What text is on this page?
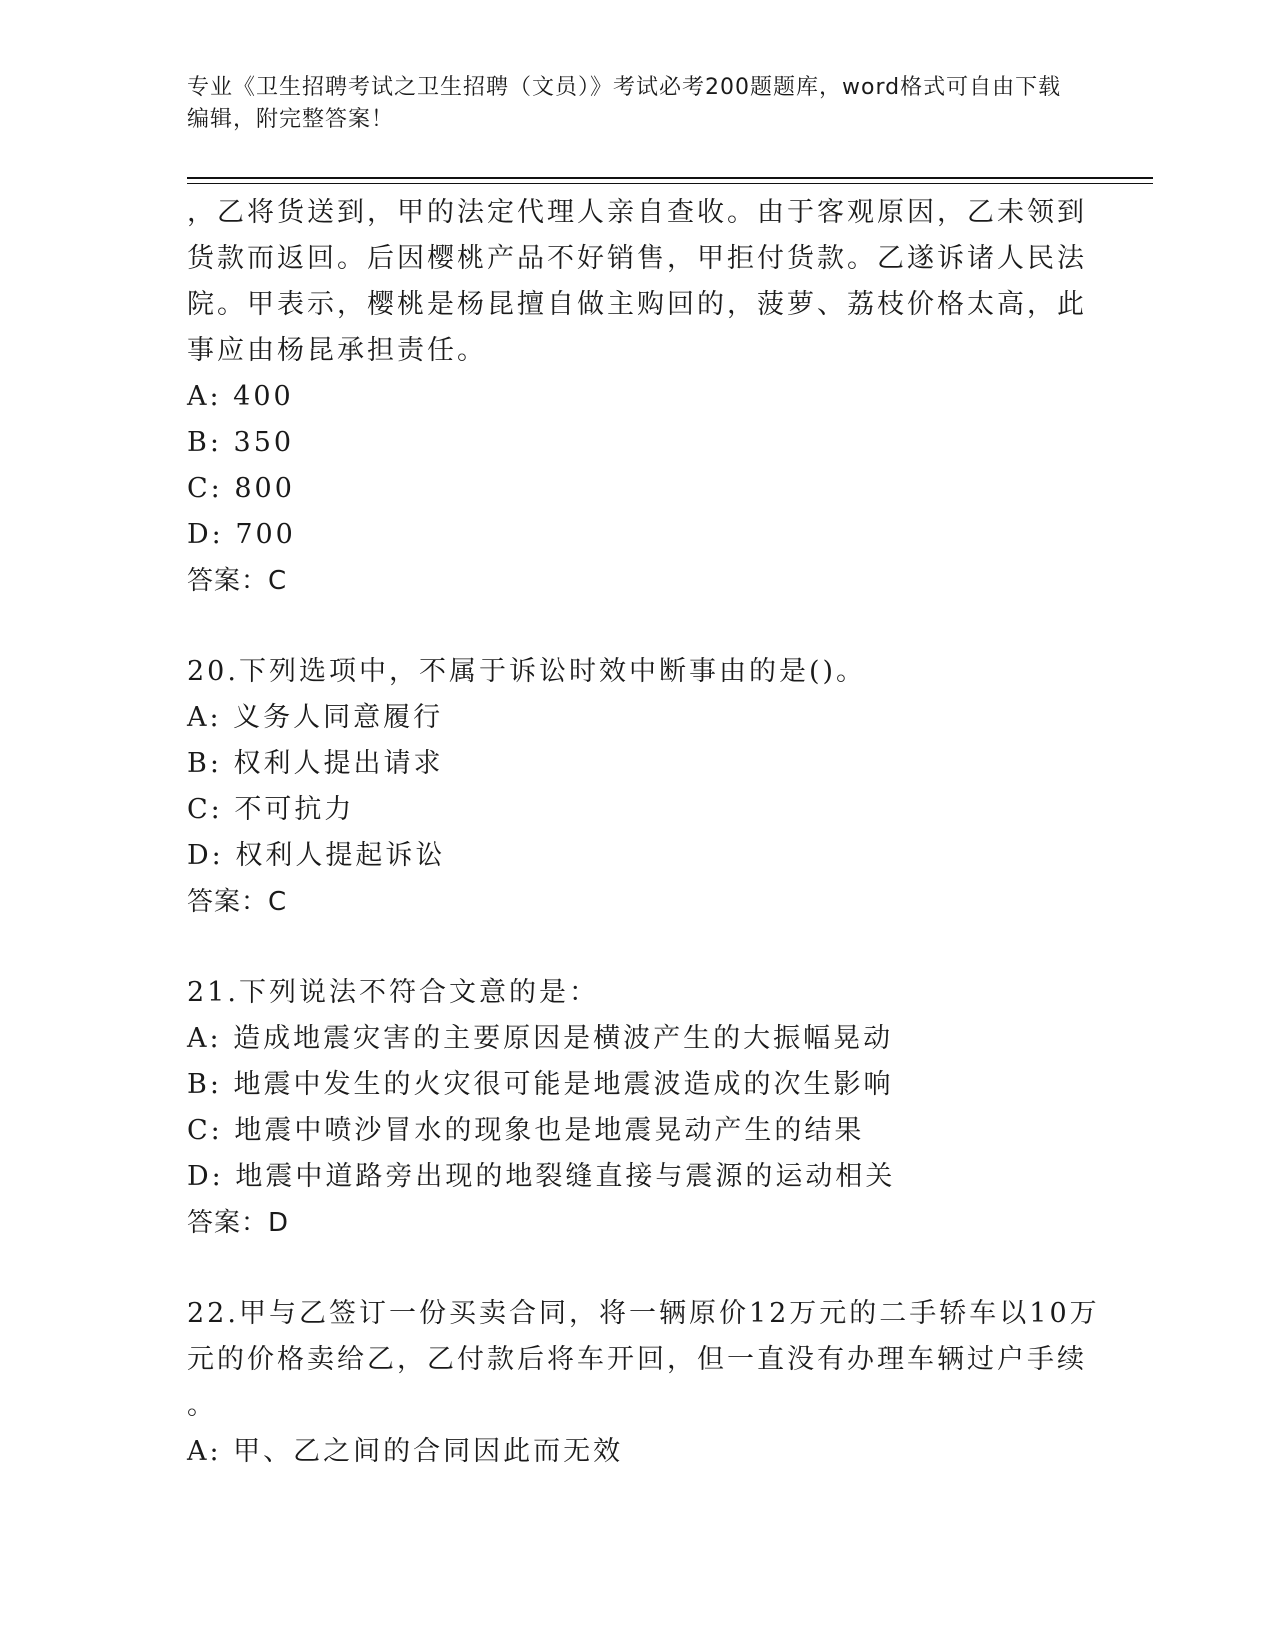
专业《卫生招聘考试之卫生招聘（文员）》考试必考200题题库，word格式可自由下载编辑，附完整答案！
，乙将货送到，甲的法定代理人亲自查收。由于客观原因，乙未领到
货款而返回。后因樱桃产品不好销售，甲拒付货款。乙遂诉诸人民法
院。甲表示，樱桃是杨昆擅自做主购回的，菠萝、荔枝价格太高，此
事应由杨昆承担责任。
A: 400
B: 350
C: 800
D: 700
答案：C
20.下列选项中，不属于诉讼时效中断事由的是()。
A: 义务人同意履行
B: 权利人提出请求
C: 不可抗力
D: 权利人提起诉讼
答案：C
21.下列说法不符合文意的是：
A: 造成地震灾害的主要原因是横波产生的大振幅晃动
B: 地震中发生的火灾很可能是地震波造成的次生影响
C: 地震中喷沙冒水的现象也是地震晃动产生的结果
D: 地震中道路旁出现的地裂缝直接与震源的运动相关
答案：D
22.甲与乙签订一份买卖合同，将一辆原价12万元的二手轿车以10万
元的价格卖给乙，乙付款后将车开回，但一直没有办理车辆过户手续
。
A: 甲、乙之间的合同因此而无效
